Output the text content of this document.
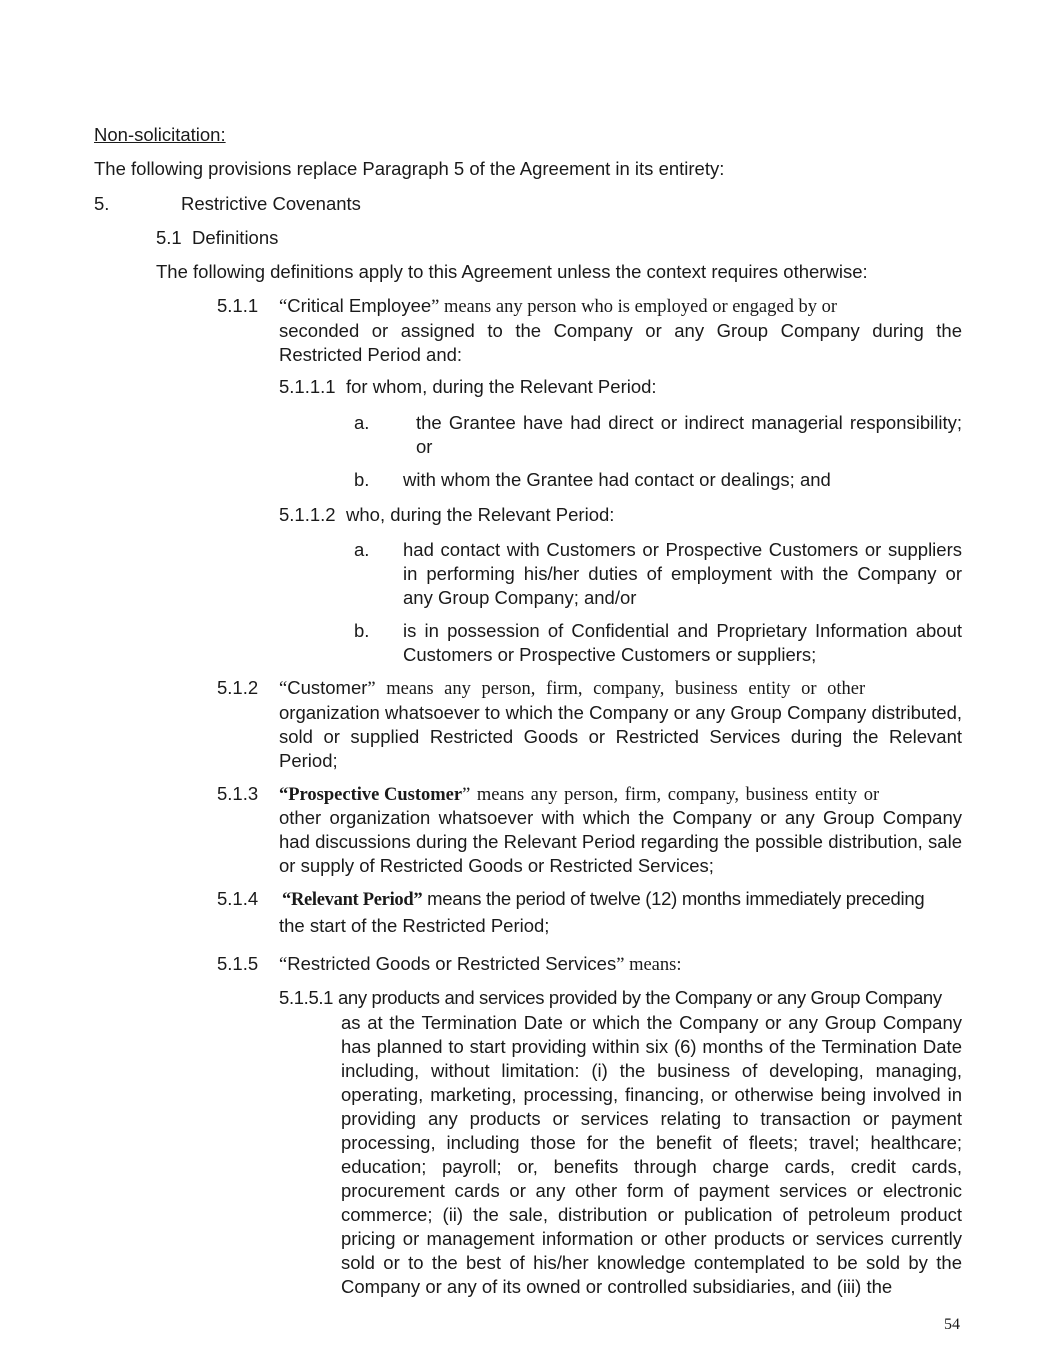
Non-solicitation:
The following provisions replace Paragraph 5 of the Agreement in its entirety:
5.	Restrictive Covenants
5.1 Definitions
The following definitions apply to this Agreement unless the context requires otherwise:
5.1.1 “Critical Employee” means any person who is employed or engaged by or
seconded or assigned to the Company or any Group Company during the Restricted Period and:
5.1.1.1 for whom, during the Relevant Period:
a.	the Grantee have had direct or indirect managerial responsibility; or
b. with whom the Grantee had contact or dealings; and
5.1.1.2 who, during the Relevant Period:
a. had contact with Customers or Prospective Customers or suppliers in performing his/her duties of employment with the Company or any Group Company; and/or
b. is in possession of Confidential and Proprietary Information about Customers or Prospective Customers or suppliers;
5.1.2 “Customer” means any person, firm, company, business entity or other
organization whatsoever to which the Company or any Group Company distributed, sold or supplied Restricted Goods or Restricted Services during the Relevant Period;
5.1.3 “Prospective Customer” means any person, firm, company, business entity or
other organization whatsoever with which the Company or any Group Company had discussions during the Relevant Period regarding the possible distribution, sale or supply of Restricted Goods or Restricted Services;
5.1.4 “Relevant Period” means the period of twelve (12) months immediately preceding
the start of the Restricted Period;
5.1.5 “Restricted Goods or Restricted Services” means:
5.1.5.1 any products and services provided by the Company or any Group Company
as at the Termination Date or which the Company or any Group Company has planned to start providing within six (6) months of the Termination Date including, without limitation: (i) the business of developing, managing, operating, marketing, processing, financing, or otherwise being involved in providing any products or services relating to transaction or payment processing, including those for the benefit of fleets; travel; healthcare; education; payroll; or, benefits through charge cards, credit cards, procurement cards or any other form of payment services or electronic commerce; (ii) the sale, distribution or publication of petroleum product pricing or management information or other products or services currently sold or to the best of his/her knowledge contemplated to be sold by the Company or any of its owned or controlled subsidiaries, and (iii) the
54
